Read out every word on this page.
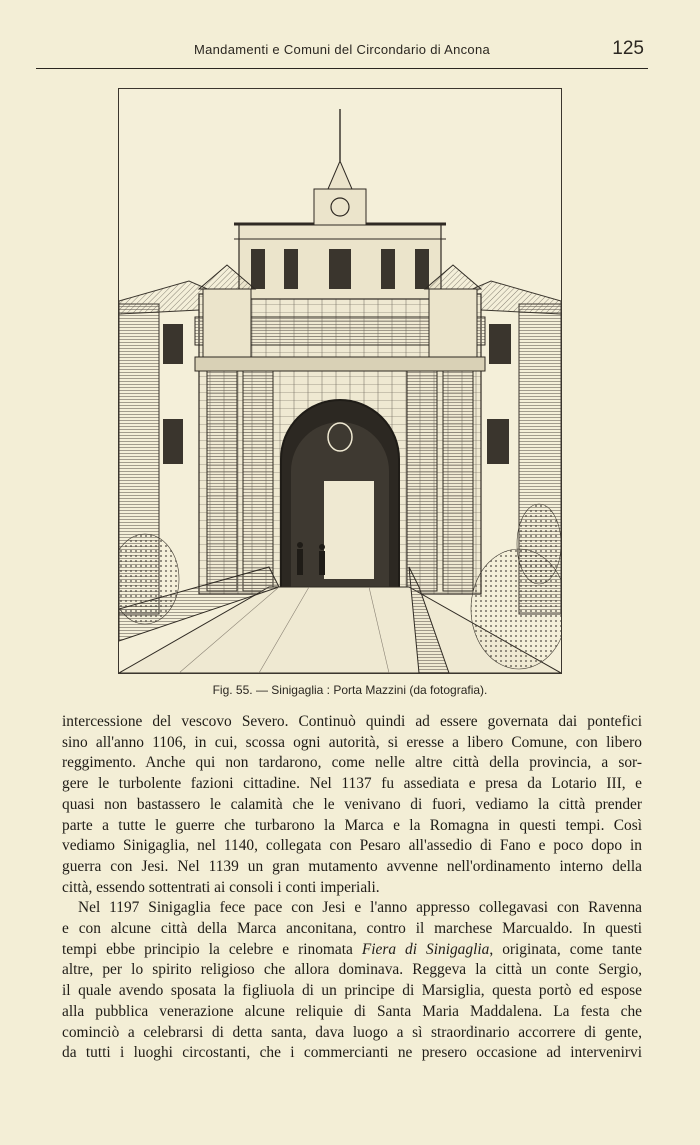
Mandamenti e Comuni del Circondario di Ancona	125
Fig. 55. — Sinigaglia : Porta Mazzini (da fotografia).

intercessione del vescovo Severo. Continuò quindi ad essere governata dai pontefici
sino all'anno 1106, in cui, scossa ogni autorità, si eresse a libero Comune, con libero
reggimento. Anche qui non tardarono, come nelle altre città della provincia, a sor-
gere le turbolente fazioni cittadine. Nel 1137 fu assediata e presa da Lotario III, e
quasi non bastassero le calamità che le venivano di fuori, vediamo la città prender
parte a tutte le guerre che turbarono la Marca e la Romagna in questi tempi. Così
vediamo Sinigaglia, nel 1140, collegata con Pesaro all'assedio di Fano e poco dopo in
guerra con Jesi. Nel 1139 un gran mutamento avvenne nell'ordinamento interno della
città, essendo sottentrati ai consoli i conti imperiali.

Nel 1197 Sinigaglia fece pace con Jesi e l'anno appresso collegavasi con Ravenna
e con alcune città della Marca anconitana, contro il marchese Marcualdo. In questi
tempi ebbe principio la celebre e rinomata Fiera di Sinigaglia, originata, come tante
altre, per lo spirito religioso che allora dominava. Reggeva la città un conte Sergio,
il quale avendo sposata la figliuola di un principe di Marsiglia, questa portò ed espose
alla pubblica venerazione alcune reliquie di Santa Maria Maddalena. La festa che
cominciò a celebrarsi di detta santa, dava luogo a sì straordinario accorrere di gente,
da tutti i luoghi circostanti, che i commercianti ne presero occasione ad intervenirvi
